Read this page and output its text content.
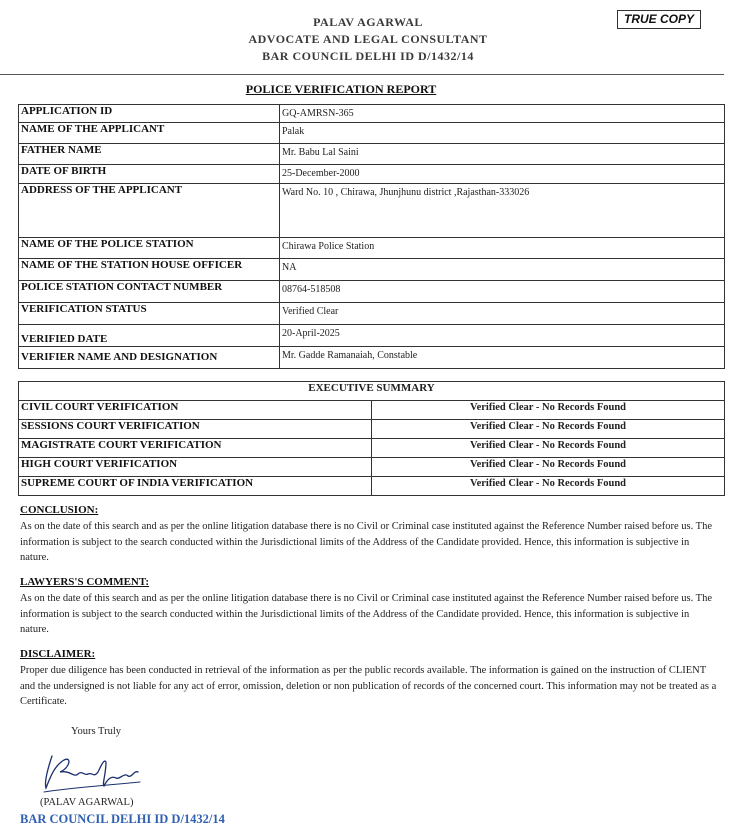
PALAV AGARWAL
ADVOCATE AND LEGAL CONSULTANT
BAR COUNCIL DELHI ID D/1432/14
TRUE COPY
POLICE VERIFICATION REPORT
APPLICATION ID	GQ-AMRSN-365
NAME OF THE APPLICANT	Palak
FATHER NAME	Mr. Babu Lal Saini
DATE OF BIRTH	25-December-2000
ADDRESS OF THE APPLICANT	Ward No. 10 , Chirawa, Jhunjhunu district ,Rajasthan-333026
NAME OF THE POLICE STATION	Chirawa Police Station
NAME OF THE STATION HOUSE OFFICER	NA
POLICE STATION CONTACT NUMBER	08764-518508
VERIFICATION STATUS	Verified Clear
VERIFIED DATE	20-April-2025
VERIFIER NAME AND DESIGNATION	Mr. Gadde Ramanaiah, Constable
EXECUTIVE SUMMARY	
CIVIL COURT VERIFICATION	Verified Clear - No Records Found
SESSIONS COURT VERIFICATION	Verified Clear - No Records Found
MAGISTRATE COURT VERIFICATION	Verified Clear - No Records Found
HIGH COURT VERIFICATION	Verified Clear - No Records Found
SUPREME COURT OF INDIA VERIFICATION	Verified Clear - No Records Found
CONCLUSION:

As on the date of this search and as per the online litigation database there is no Civil or Criminal case instituted against the Reference Number raised before us. The information is subject to the search conducted within the Jurisdictional limits of the Address of the Candidate provided. Hence, this information is subjective in nature.

LAWYERS'S COMMENT:

As on the date of this search and as per the online litigation database there is no Civil or Criminal case instituted against the Reference Number raised before us. The information is subject to the search conducted within the Jurisdictional limits of the Address of the Candidate provided. Hence, this information is subjective in nature.

DISCLAIMER:

Proper due diligence has been conducted in retrieval of the information as per the public records available. The information is gained on the instruction of CLIENT and the undersigned is not liable for any act of error, omission, deletion or non publication of records of the concerned court. This information may not be treated as a Certificate.

Yours Truly
(PALAV AGARWAL)
BAR COUNCIL DELHI ID D/1432/14
